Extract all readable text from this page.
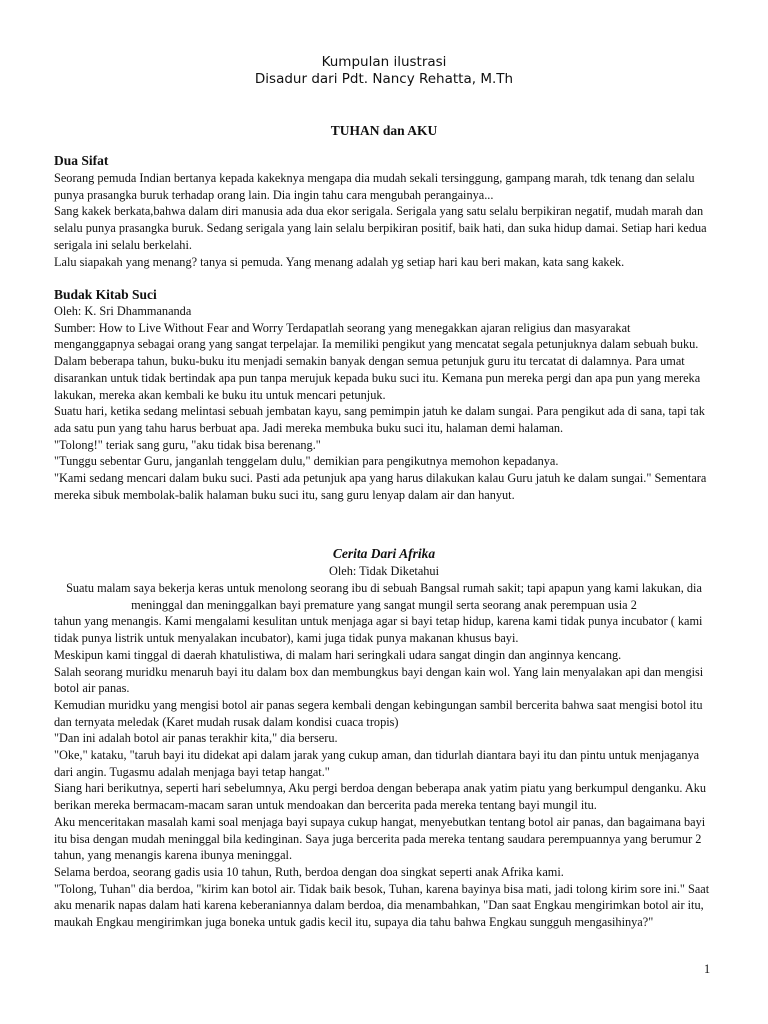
Kumpulan ilustrasi
Disadur dari Pdt. Nancy Rehatta, M.Th
TUHAN dan AKU
Dua Sifat

Seorang pemuda Indian bertanya kepada kakeknya mengapa dia mudah sekali tersinggung, gampang marah, tdk tenang dan selalu punya prasangka buruk terhadap orang lain. Dia ingin tahu cara mengubah perangainya...

Sang kakek berkata,bahwa dalam diri manusia ada dua ekor serigala. Serigala yang satu selalu berpikiran negatif, mudah marah dan selalu punya prasangka buruk. Sedang serigala yang lain selalu berpikiran positif, baik hati, dan suka hidup damai. Setiap hari kedua serigala ini selalu berkelahi.

Lalu siapakah yang menang? tanya si pemuda. Yang menang adalah yg setiap hari kau beri makan, kata sang kakek.

Budak Kitab Suci

Oleh: K. Sri Dhammananda

Sumber: How to Live Without Fear and Worry Terdapatlah seorang yang menegakkan ajaran religius dan masyarakat menganggapnya sebagai orang yang sangat terpelajar. Ia memiliki pengikut yang mencatat segala petunjuknya dalam sebuah buku. Dalam beberapa tahun, buku-buku itu menjadi semakin banyak dengan semua petunjuk guru itu tercatat di dalamnya. Para umat disarankan untuk tidak bertindak apa pun tanpa merujuk kepada buku suci itu. Kemana pun mereka pergi dan apa pun yang mereka lakukan, mereka akan kembali ke buku itu untuk mencari petunjuk.

Suatu hari, ketika sedang melintasi sebuah jembatan kayu, sang pemimpin jatuh ke dalam sungai. Para pengikut ada di sana, tapi tak ada satu pun yang tahu harus berbuat apa. Jadi mereka membuka buku suci itu, halaman demi halaman.

"Tolong!" teriak sang guru, "aku tidak bisa berenang."

"Tunggu sebentar Guru, janganlah tenggelam dulu," demikian para pengikutnya memohon kepadanya.

"Kami sedang mencari dalam buku suci. Pasti ada petunjuk apa yang harus dilakukan kalau Guru jatuh ke dalam sungai." Sementara mereka sibuk membolak-balik halaman buku suci itu, sang guru lenyap dalam air dan hanyut.

Cerita Dari Afrika
Oleh: Tidak Diketahui

Suatu malam saya bekerja keras untuk menolong seorang ibu di sebuah Bangsal rumah sakit; tapi apapun yang kami lakukan, dia meninggal dan meninggalkan bayi premature yang sangat mungil serta seorang anak perempuan usia 2

tahun yang menangis. Kami mengalami kesulitan untuk menjaga agar si bayi tetap hidup, karena kami tidak punya incubator ( kami tidak punya listrik untuk menyalakan incubator), kami juga tidak punya makanan khusus bayi.

Meskipun kami tinggal di daerah khatulistiwa, di malam hari seringkali udara sangat dingin dan anginnya kencang.

Salah seorang muridku menaruh bayi itu dalam box dan membungkus bayi dengan kain wol. Yang lain menyalakan api dan mengisi botol air panas.

Kemudian muridku yang mengisi botol air panas segera kembali dengan kebingungan sambil bercerita bahwa saat mengisi botol itu dan ternyata meledak (Karet mudah rusak dalam kondisi cuaca tropis)

"Dan ini adalah botol air panas terakhir kita," dia berseru.

"Oke," kataku, "taruh bayi itu didekat api dalam jarak yang cukup aman, dan tidurlah diantara bayi itu dan pintu untuk menjaganya dari angin. Tugasmu adalah menjaga bayi tetap hangat."

Siang hari berikutnya, seperti hari sebelumnya, Aku pergi berdoa dengan beberapa anak yatim piatu yang berkumpul denganku. Aku berikan mereka bermacam-macam saran untuk mendoakan dan bercerita pada mereka tentang bayi mungil itu.

Aku menceritakan masalah kami soal menjaga bayi supaya cukup hangat, menyebutkan tentang botol air panas, dan bagaimana bayi itu bisa dengan mudah meninggal bila kedinginan. Saya juga bercerita pada mereka tentang saudara perempuannya yang berumur 2 tahun, yang menangis karena ibunya meninggal.

Selama berdoa, seorang gadis usia 10 tahun, Ruth, berdoa dengan doa singkat seperti anak Afrika kami.

"Tolong, Tuhan" dia berdoa, "kirim kan botol air. Tidak baik besok, Tuhan, karena bayinya bisa mati, jadi tolong kirim sore ini." Saat aku menarik napas dalam hati karena keberaniannya dalam berdoa, dia menambahkan, "Dan saat Engkau mengirimkan botol air itu, maukah Engkau mengirimkan juga boneka untuk gadis kecil itu, supaya dia tahu bahwa Engkau sungguh mengasihinya?"

1
